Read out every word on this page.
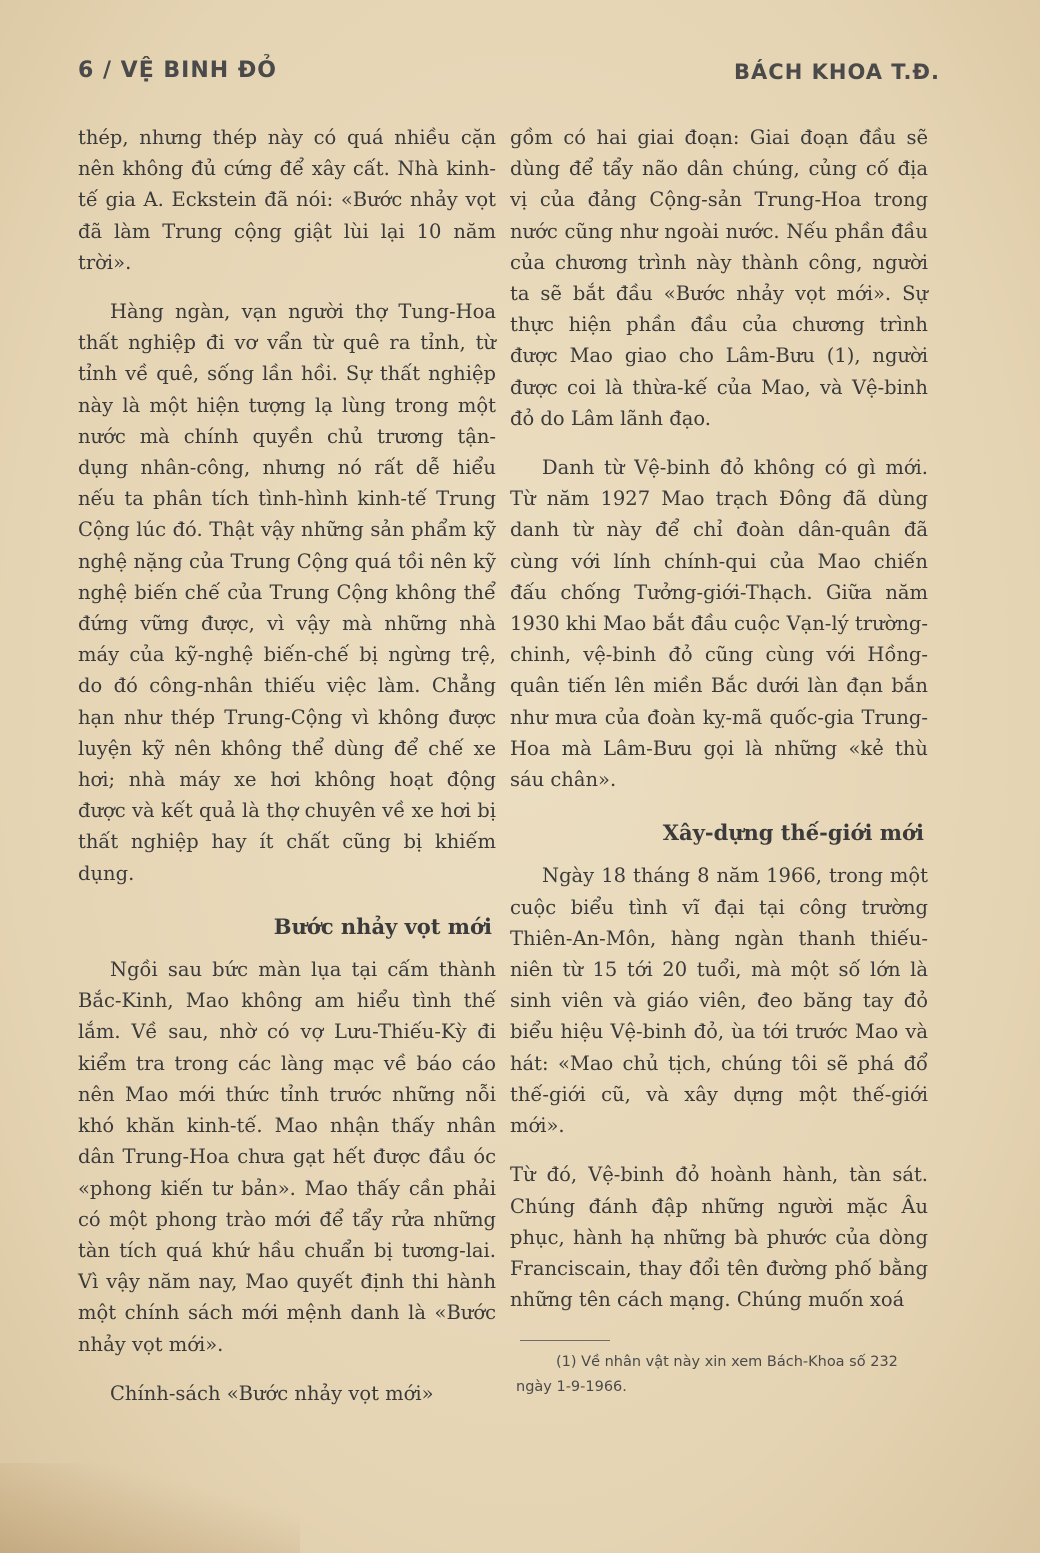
6 / VỆ BINH ĐỎ	BÁCH KHOA T.Đ.

thép, nhưng thép này có quá nhiều cặn nên không đủ cứng để xây cất. Nhà kinh-tế gia A. Eckstein đã nói: «Bước nhảy vọt đã làm Trung cộng giật lùi lại 10 năm trời».

Hàng ngàn, vạn người thợ Tung-Hoa thất nghiệp đi vơ vẩn từ quê ra tỉnh, từ tỉnh về quê, sống lần hồi. Sự thất nghiệp này là một hiện tượng lạ lùng trong một nước mà chính quyền chủ trương tận-dụng nhân-công, nhưng nó rất dễ hiểu nếu ta phân tích tình-hình kinh-tế Trung Cộng lúc đó. Thật vậy những sản phẩm kỹ nghệ nặng của Trung Cộng quá tồi nên kỹ nghệ biến chế của Trung Cộng không thể đứng vững được, vì vậy mà những nhà máy của kỹ-nghệ biến-chế bị ngừng trệ, do đó công-nhân thiếu việc làm. Chẳng hạn như thép Trung-Cộng vì không được luyện kỹ nên không thể dùng để chế xe hơi; nhà máy xe hơi không hoạt động được và kết quả là thợ chuyên về xe hơi bị thất nghiệp hay ít chất cũng bị khiếm dụng.

Bước nhảy vọt mới

Ngồi sau bức màn lụa tại cấm thành Bắc-Kinh, Mao không am hiểu tình thế lắm. Về sau, nhờ có vợ Lưu-Thiếu-Kỳ đi kiểm tra trong các làng mạc về báo cáo nên Mao mới thức tỉnh trước những nỗi khó khăn kinh-tế. Mao nhận thấy nhân dân Trung-Hoa chưa gạt hết được đầu óc «phong kiến tư bản». Mao thấy cần phải có một phong trào mới để tẩy rửa những tàn tích quá khứ hầu chuẩn bị tương-lai. Vì vậy năm nay, Mao quyết định thi hành một chính sách mới mệnh danh là «Bước nhảy vọt mới».

Chính-sách «Bước nhảy vọt mới»

gồm có hai giai đoạn: Giai đoạn đầu sẽ dùng để tẩy não dân chúng, củng cố địa vị của đảng Cộng-sản Trung-Hoa trong nước cũng như ngoài nước. Nếu phần đầu của chương trình này thành công, người ta sẽ bắt đầu «Bước nhảy vọt mới». Sự thực hiện phần đầu của chương trình được Mao giao cho Lâm-Bưu (1), người được coi là thừa-kế của Mao, và Vệ-binh đỏ do Lâm lãnh đạo.

Danh từ Vệ-binh đỏ không có gì mới. Từ năm 1927 Mao trạch Đông đã dùng danh từ này để chỉ đoàn dân-quân đã cùng với lính chính-qui của Mao chiến đấu chống Tưởng-giới-Thạch. Giữa năm 1930 khi Mao bắt đầu cuộc Vạn-lý trường-chinh, vệ-binh đỏ cũng cùng với Hồng-quân tiến lên miền Bắc dưới làn đạn bắn như mưa của đoàn kỵ-mã quốc-gia Trung-Hoa mà Lâm-Bưu gọi là những «kẻ thù sáu chân».

Xây-dựng thế-giới mới

Ngày 18 tháng 8 năm 1966, trong một cuộc biểu tình vĩ đại tại công trường Thiên-An-Môn, hàng ngàn thanh thiếu-niên từ 15 tới 20 tuổi, mà một số lớn là sinh viên và giáo viên, đeo băng tay đỏ biểu hiệu Vệ-binh đỏ, ùa tới trước Mao và hát: «Mao chủ tịch, chúng tôi sẽ phá đổ thế-giới cũ, và xây dựng một thế-giới mới».

Từ đó, Vệ-binh đỏ hoành hành, tàn sát. Chúng đánh đập những người mặc Âu phục, hành hạ những bà phước của dòng Franciscain, thay đổi tên đường phố bằng những tên cách mạng. Chúng muốn xoá

(1) Về nhân vật này xin xem Bách-Khoa số 232 ngày 1-9-1966.
